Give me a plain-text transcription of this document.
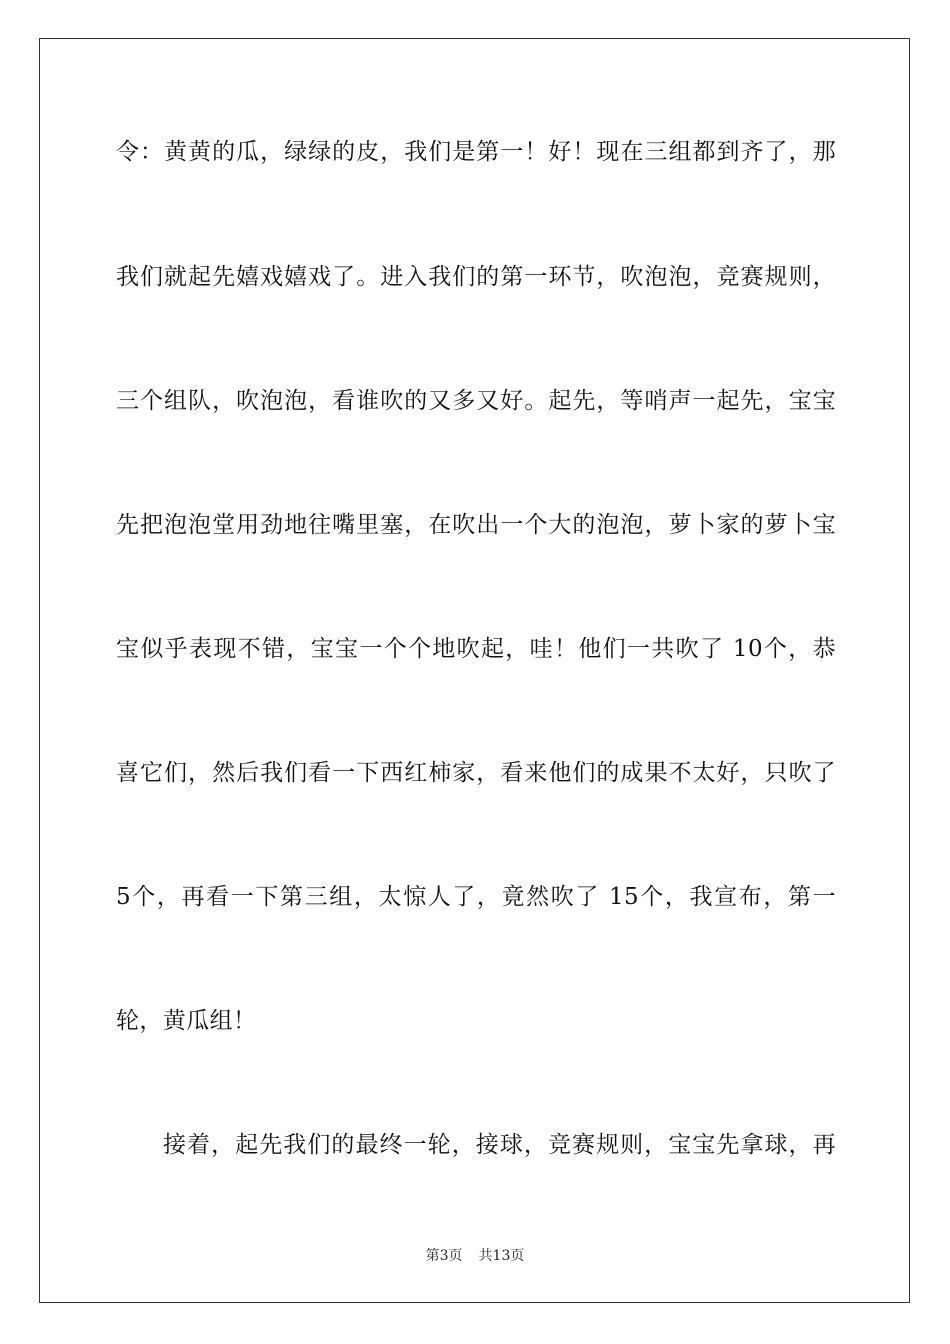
令：黄黄的瓜，绿绿的皮，我们是第一！好！现在三组都到齐了，那
我们就起先嬉戏嬉戏了。进入我们的第一环节，吹泡泡，竞赛规则，
三个组队，吹泡泡，看谁吹的又多又好。起先，等哨声一起先，宝宝
先把泡泡堂用劲地往嘴里塞，在吹出一个大的泡泡，萝卜家的萝卜宝
宝似乎表现不错，宝宝一个个地吹起，哇！他们一共吹了 10个，恭
喜它们，然后我们看一下西红柿家，看来他们的成果不太好，只吹了
5个，再看一下第三组，太惊人了，竟然吹了 15个，我宣布，第一
轮，黄瓜组！
接着，起先我们的最终一轮，接球，竞赛规则，宝宝先拿球，再
第3页 共13页
